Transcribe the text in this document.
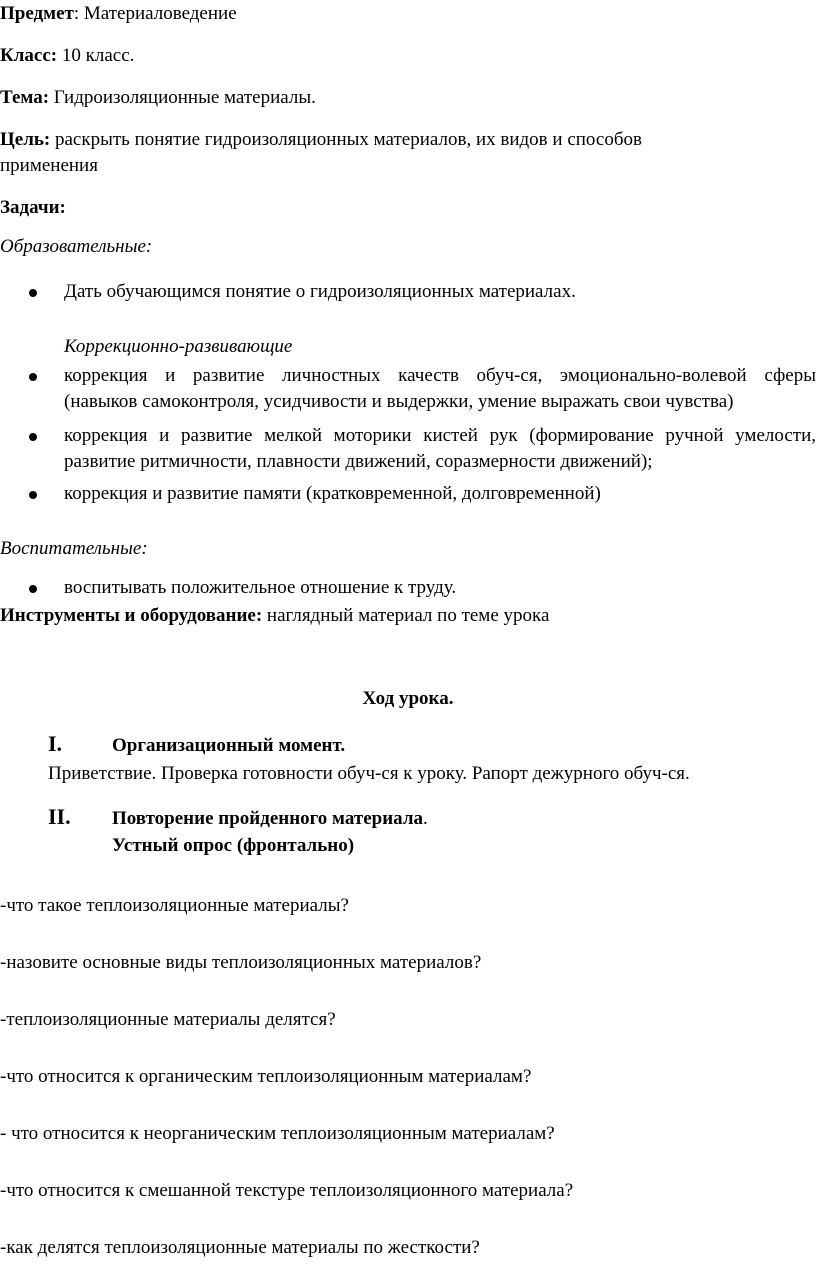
Предмет: Материаловедение
Класс: 10 класс.
Тема: Гидроизоляционные материалы.
Цель: раскрыть понятие гидроизоляционных материалов, их видов и способов
применения
Задачи:
Образовательные:
Дать обучающимся понятие о гидроизоляционных материалах.
Коррекционно-развивающие
коррекция и развитие личностных качеств обуч-ся, эмоционально-волевой сферы
(навыков самоконтроля, усидчивости и выдержки, умение выражать свои чувства)
коррекция и развитие мелкой моторики кистей рук (формирование ручной умелости,
развитие ритмичности, плавности движений, соразмерности движений);
коррекция и развитие памяти (кратковременной, долговременной)
Воспитательные:
воспитывать положительное отношение к труду.
Инструменты и оборудование: наглядный материал по теме урока
Ход урока.
I.	Организационный момент.
Приветствие. Проверка готовности обуч-ся к уроку. Рапорт дежурного обуч-ся.
II. Повторение пройденного материала.
Устный опрос (фронтально)
-что такое теплоизоляционные материалы?
-назовите основные виды теплоизоляционных материалов?
-теплоизоляционные материалы делятся?
-что относится к органическим теплоизоляционным материалам?
- что относится к неорганическим теплоизоляционным материалам?
-что относится к смешанной текстуре теплоизоляционного материала?
-как делятся теплоизоляционные материалы по жесткости?
